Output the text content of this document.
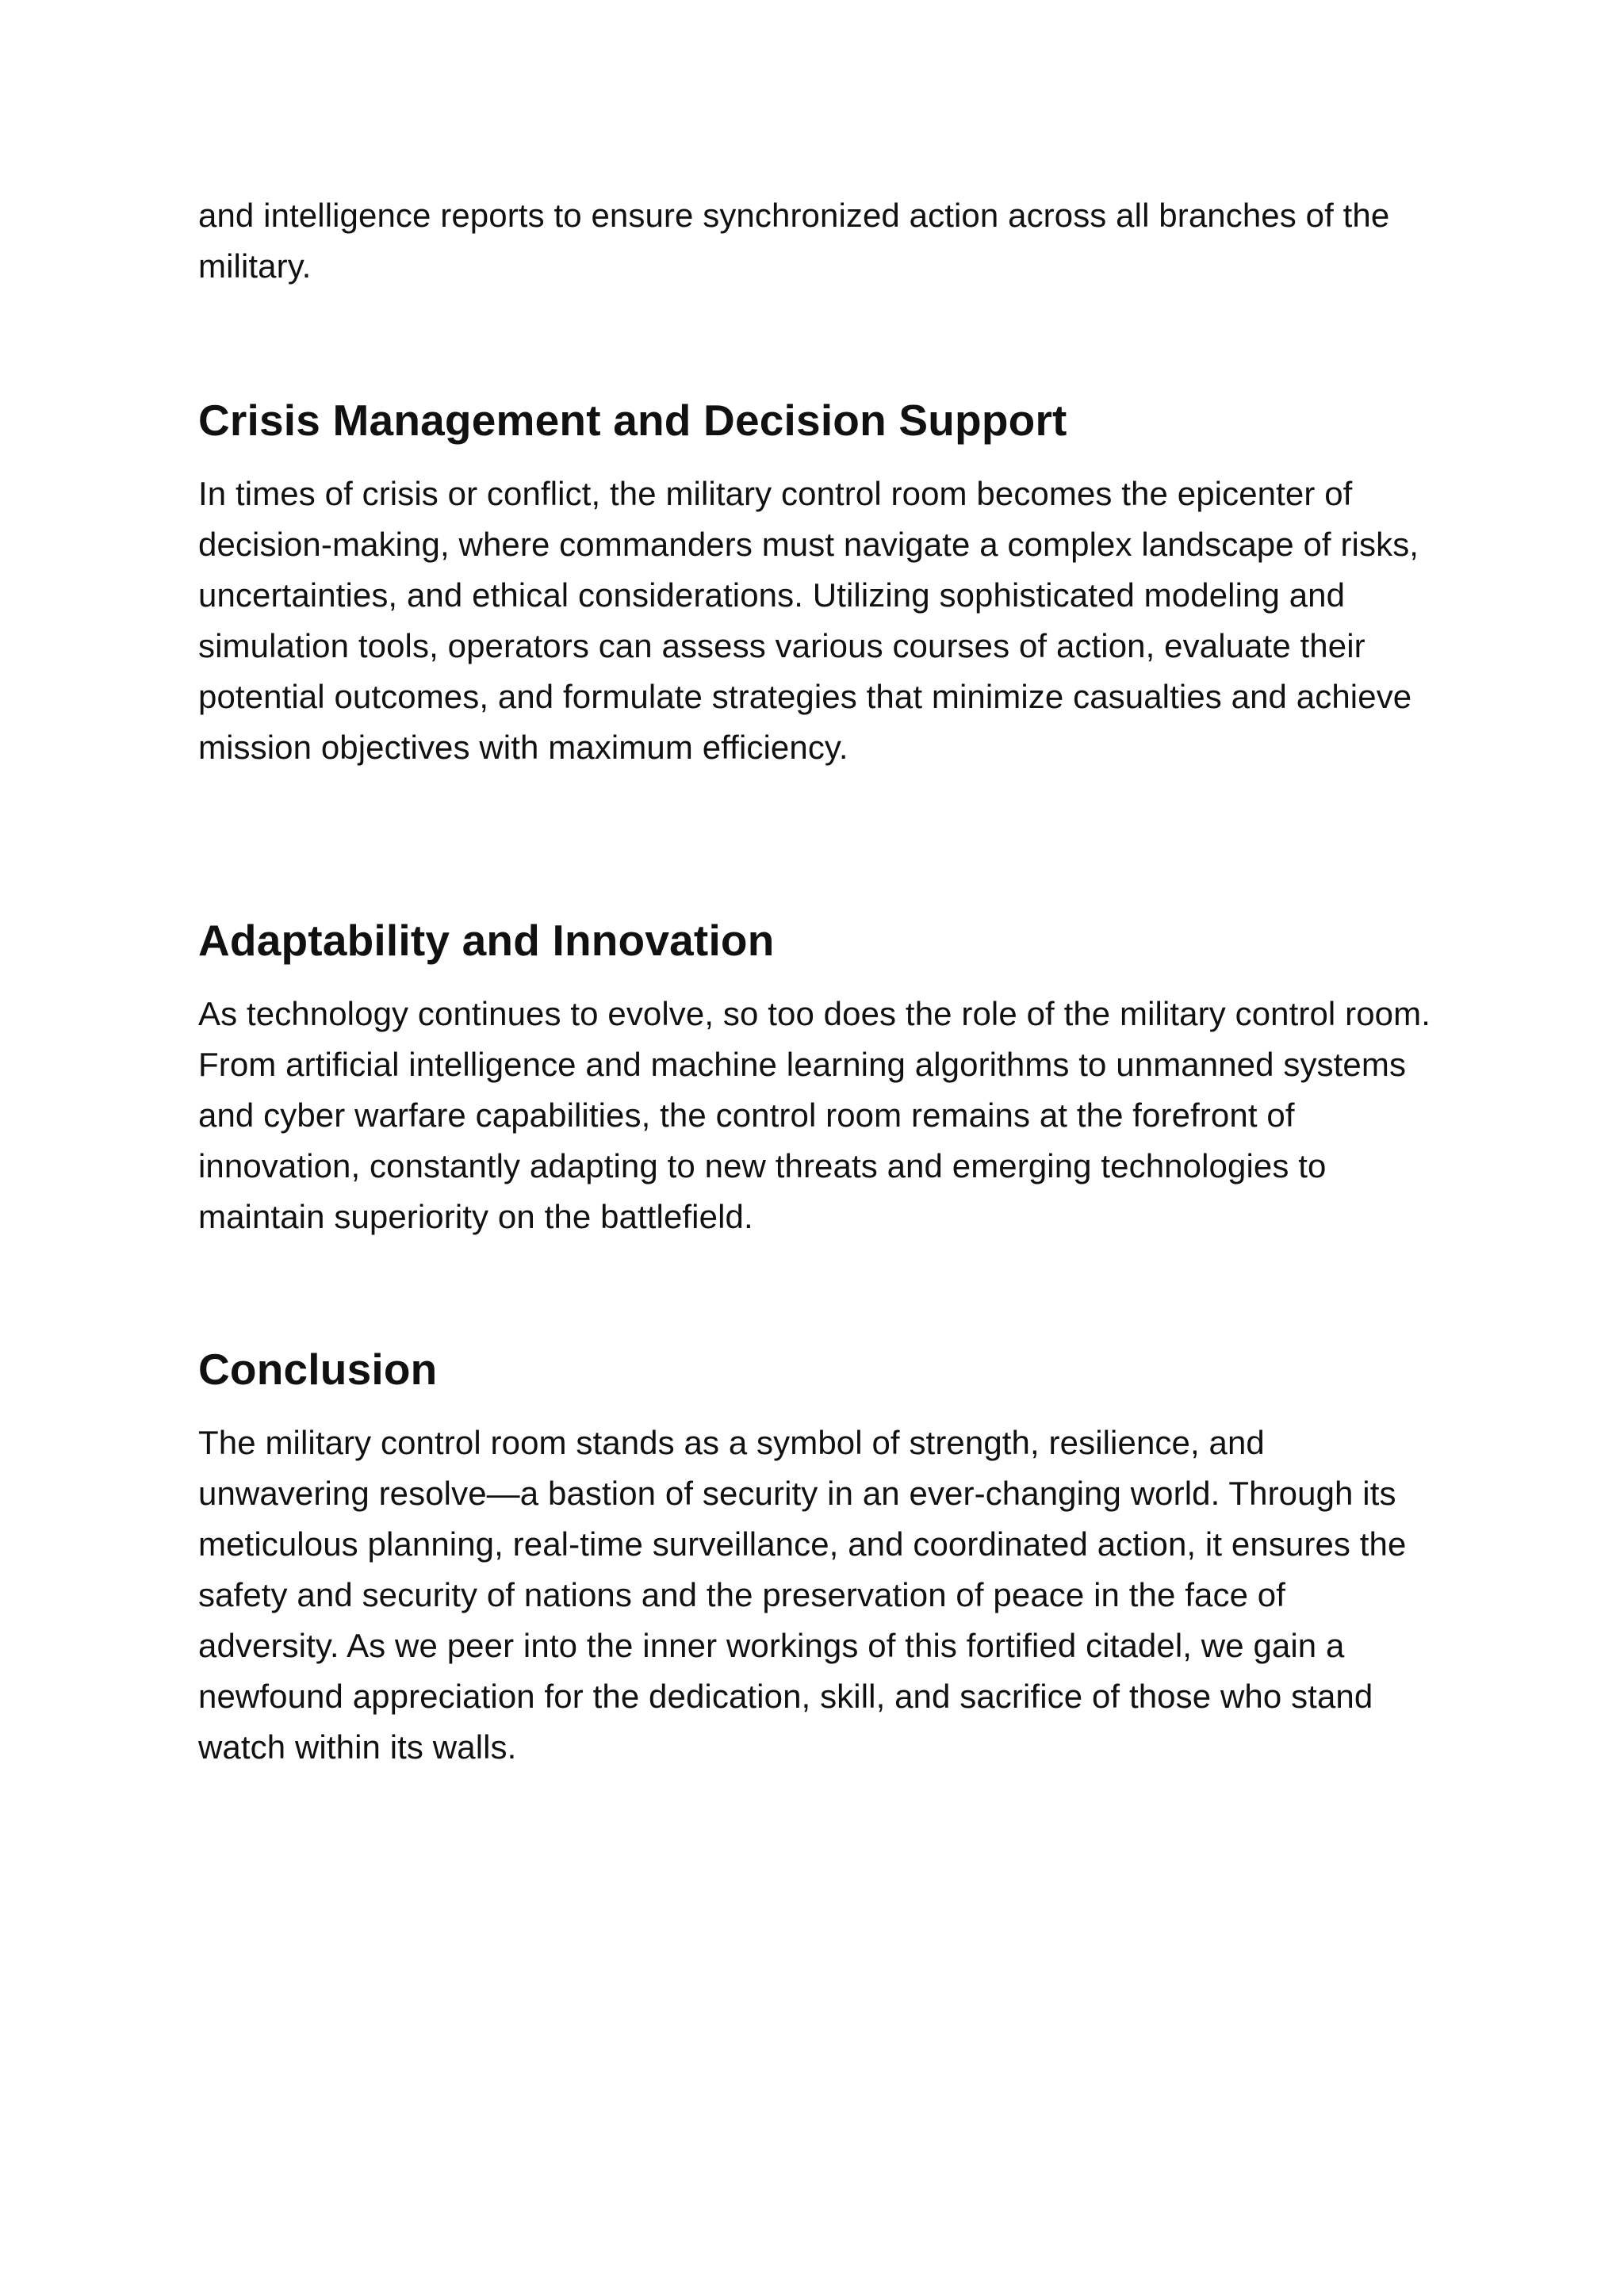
and intelligence reports to ensure synchronized action across all branches of the military.

Crisis Management and Decision Support

In times of crisis or conflict, the military control room becomes the epicenter of decision-making, where commanders must navigate a complex landscape of risks, uncertainties, and ethical considerations. Utilizing sophisticated modeling and simulation tools, operators can assess various courses of action, evaluate their potential outcomes, and formulate strategies that minimize casualties and achieve mission objectives with maximum efficiency.

Adaptability and Innovation

As technology continues to evolve, so too does the role of the military control room. From artificial intelligence and machine learning algorithms to unmanned systems and cyber warfare capabilities, the control room remains at the forefront of innovation, constantly adapting to new threats and emerging technologies to maintain superiority on the battlefield.

Conclusion

The military control room stands as a symbol of strength, resilience, and unwavering resolve—a bastion of security in an ever-changing world. Through its meticulous planning, real-time surveillance, and coordinated action, it ensures the safety and security of nations and the preservation of peace in the face of adversity. As we peer into the inner workings of this fortified citadel, we gain a newfound appreciation for the dedication, skill, and sacrifice of those who stand watch within its walls.
